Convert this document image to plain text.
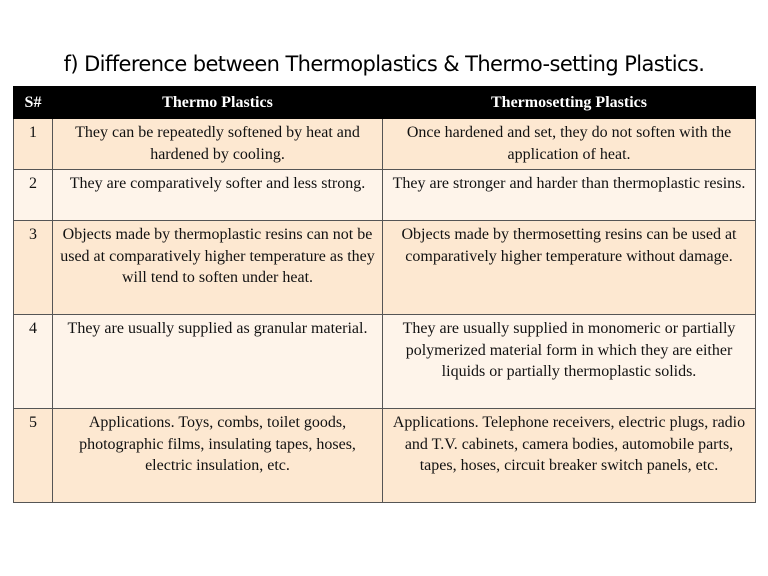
f) Difference between Thermoplastics & Thermo-setting Plastics.
S#	Thermo Plastics	Thermosetting Plastics
1	They can be repeatedly softened by heat and hardened by cooling.	Once hardened and set, they do not soften with the application of heat.
2	They are comparatively softer and less strong.	They are stronger and harder than thermoplastic resins.
3	Objects made by thermoplastic resins can not be used at comparatively higher temperature as they will tend to soften under heat.	Objects made by thermosetting resins can be used at comparatively higher temperature without damage.
4	They are usually supplied as granular material.	They are usually supplied in monomeric or partially polymerized material form in which they are either liquids or partially thermoplastic solids.
5	Applications. Toys, combs, toilet goods, photographic films, insulating tapes, hoses, electric insulation, etc.	Applications. Telephone receivers, electric plugs, radio and T.V. cabinets, camera bodies, automobile parts, tapes, hoses, circuit breaker switch panels, etc.
